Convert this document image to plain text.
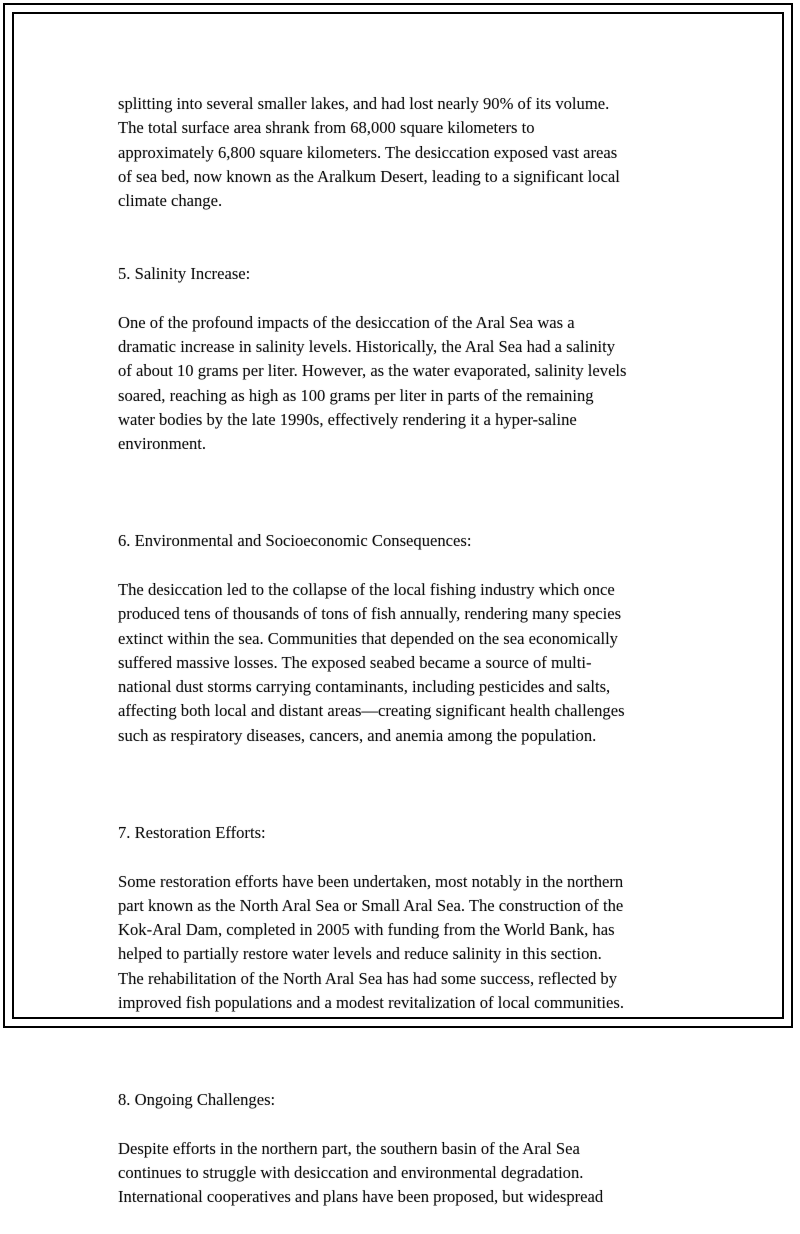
splitting into several smaller lakes, and had lost nearly 90% of its volume.
The total surface area shrank from 68,000 square kilometers to
approximately 6,800 square kilometers. The desiccation exposed vast areas
of sea bed, now known as the Aralkum Desert, leading to a significant local
climate change.

5. Salinity Increase:

One of the profound impacts of the desiccation of the Aral Sea was a
dramatic increase in salinity levels. Historically, the Aral Sea had a salinity
of about 10 grams per liter. However, as the water evaporated, salinity levels
soared, reaching as high as 100 grams per liter in parts of the remaining
water bodies by the late 1990s, effectively rendering it a hyper-saline
environment.

6. Environmental and Socioeconomic Consequences:

The desiccation led to the collapse of the local fishing industry which once
produced tens of thousands of tons of fish annually, rendering many species
extinct within the sea. Communities that depended on the sea economically
suffered massive losses. The exposed seabed became a source of multi-
national dust storms carrying contaminants, including pesticides and salts,
affecting both local and distant areas—creating significant health challenges
such as respiratory diseases, cancers, and anemia among the population.

7. Restoration Efforts:

Some restoration efforts have been undertaken, most notably in the northern
part known as the North Aral Sea or Small Aral Sea. The construction of the
Kok-Aral Dam, completed in 2005 with funding from the World Bank, has
helped to partially restore water levels and reduce salinity in this section.
The rehabilitation of the North Aral Sea has had some success, reflected by
improved fish populations and a modest revitalization of local communities.

8. Ongoing Challenges:

Despite efforts in the northern part, the southern basin of the Aral Sea
continues to struggle with desiccation and environmental degradation.
International cooperatives and plans have been proposed, but widespread
